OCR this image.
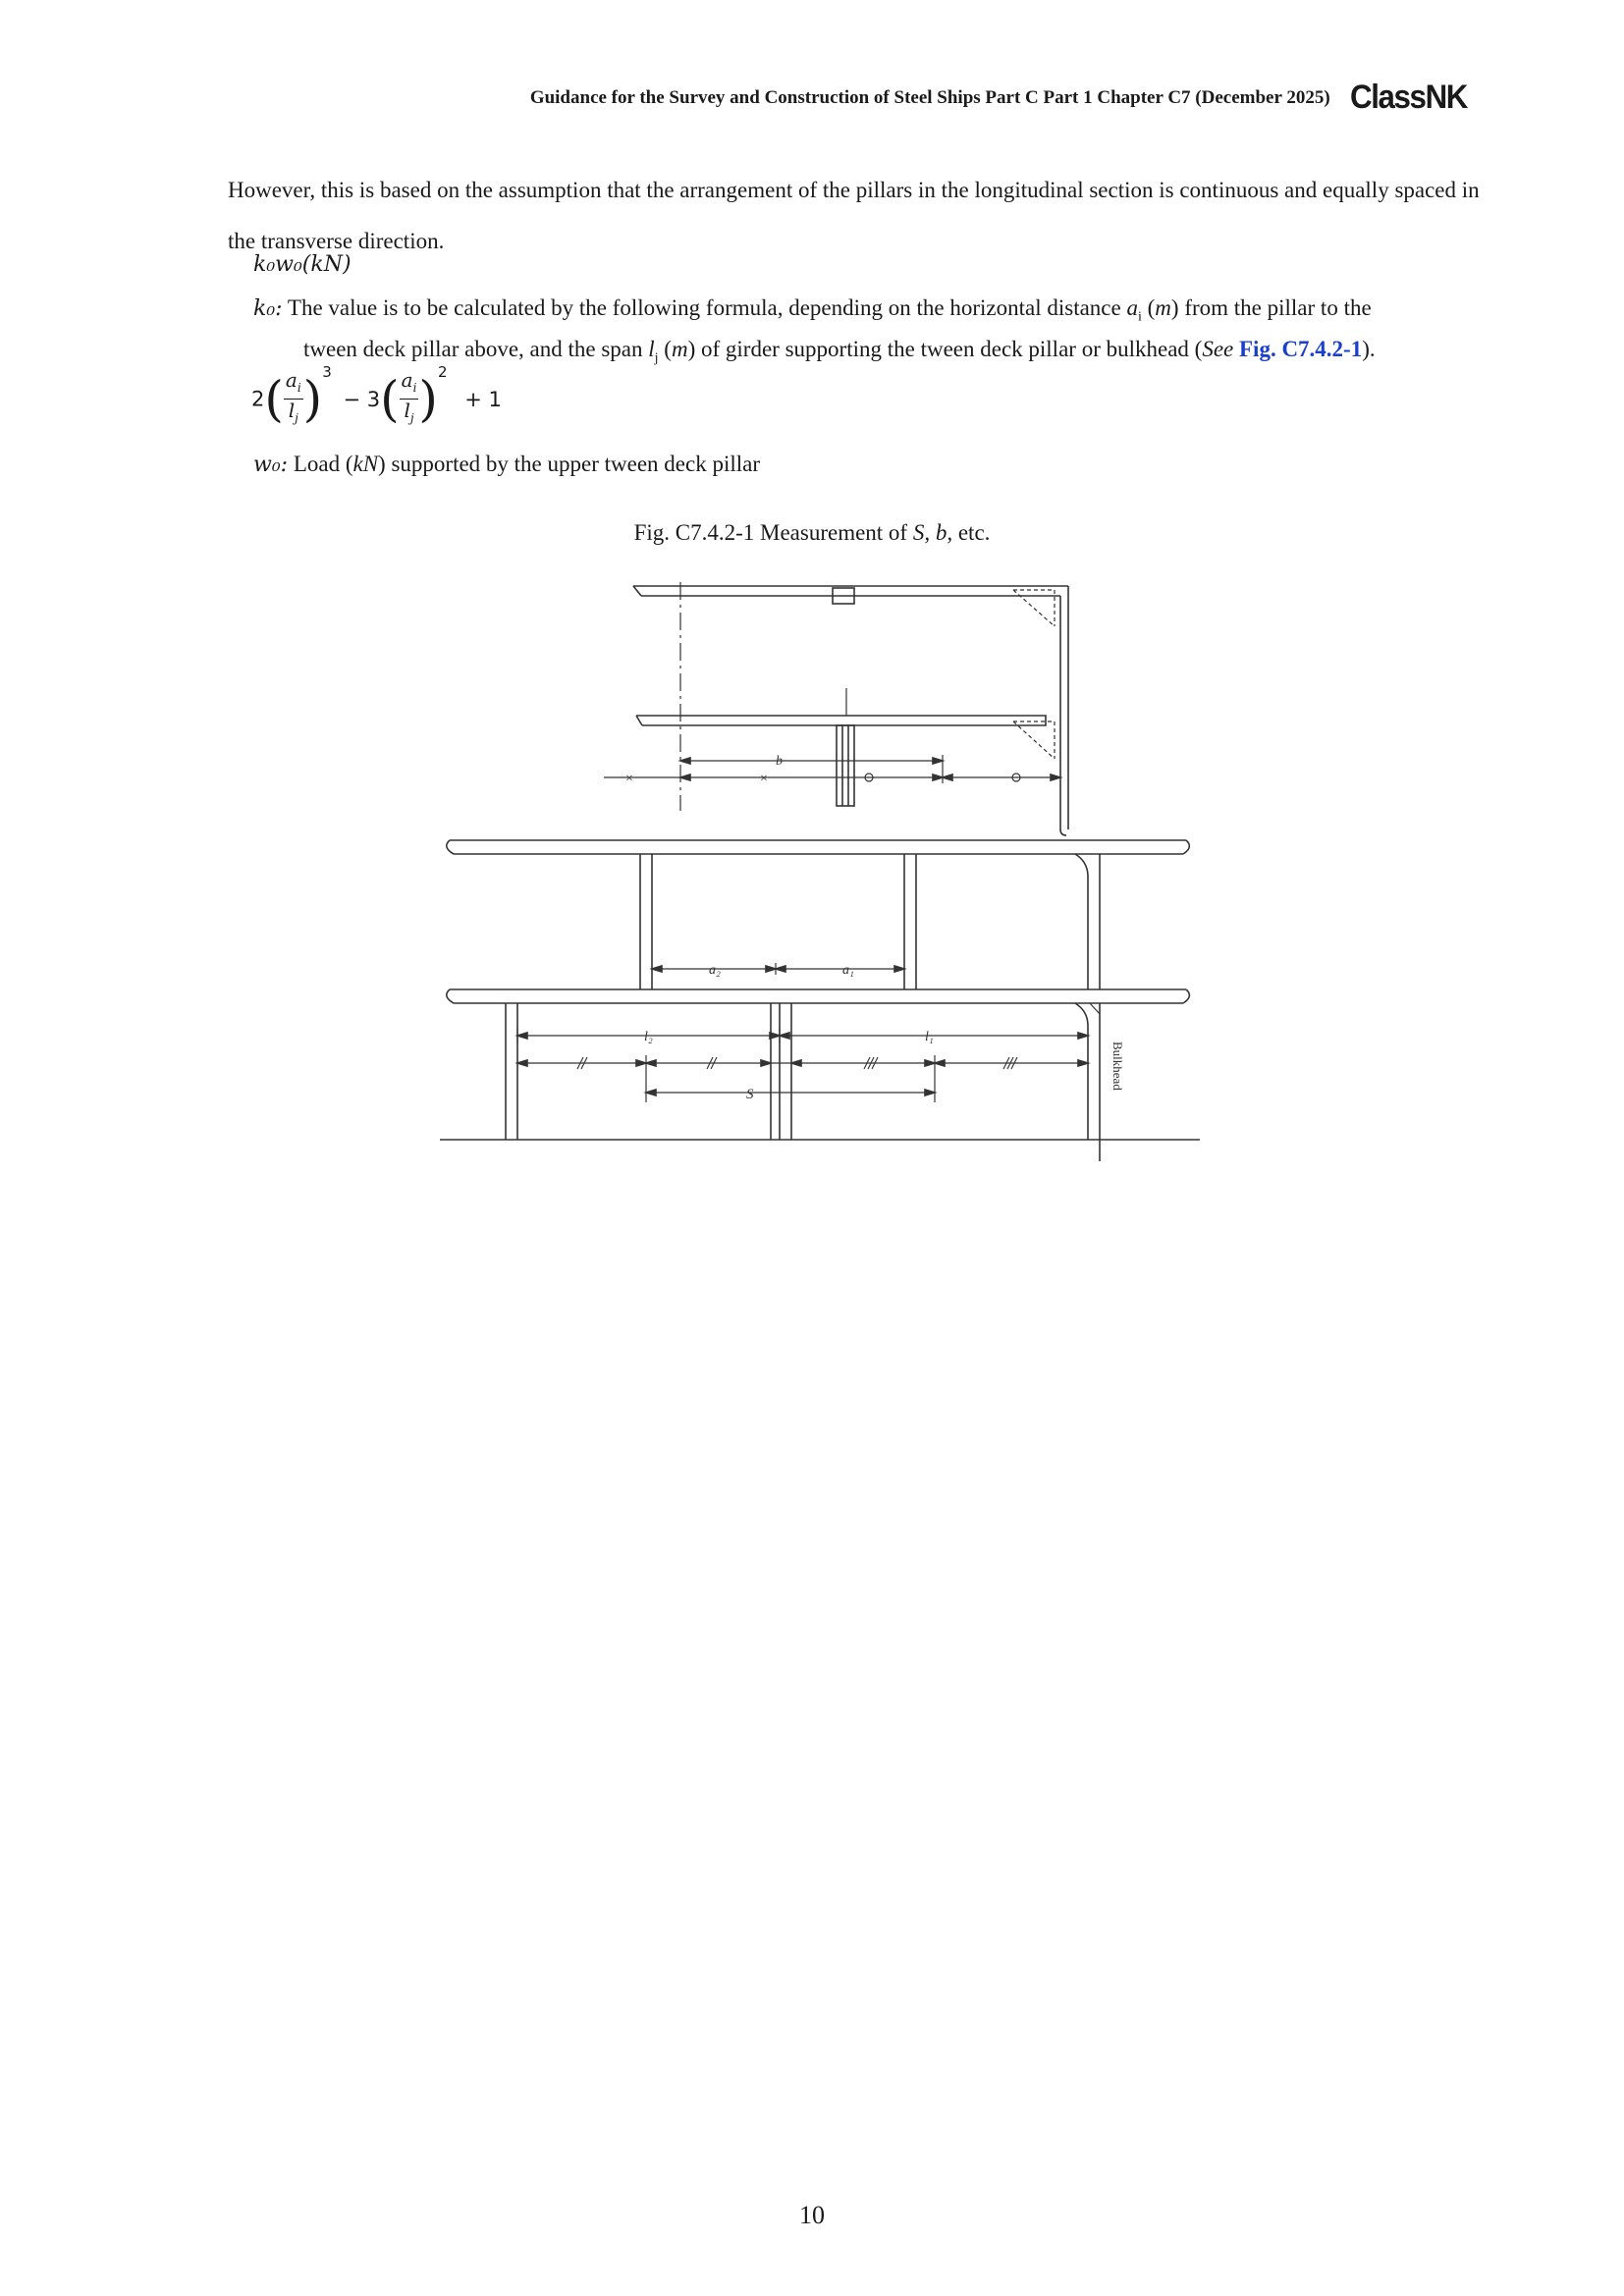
Guidance for the Survey and Construction of Steel Ships Part C Part 1 Chapter C7 (December 2025) ClassNK
However, this is based on the assumption that the arrangement of the pillars in the longitudinal section is continuous and equally spaced in the transverse direction.
k₀w₀(kN)
k₀: The value is to be calculated by the following formula, depending on the horizontal distance $a_i$ (m) from the pillar to the
tween deck pillar above, and the span $l_j$ (m) of girder supporting the tween deck pillar or bulkhead (See Fig. C7.4.2-1).
$2( \frac{a_i}{l_j} )^3 - 3( \frac{a_i}{l_j} )^2 + 1$
w₀: Load (kN) supported by the upper tween deck pillar
Fig. C7.4.2-1 Measurement of S, b, etc.
b
×	×
a₂	a₁
l₂	l₁
S
Bulkhead
10
